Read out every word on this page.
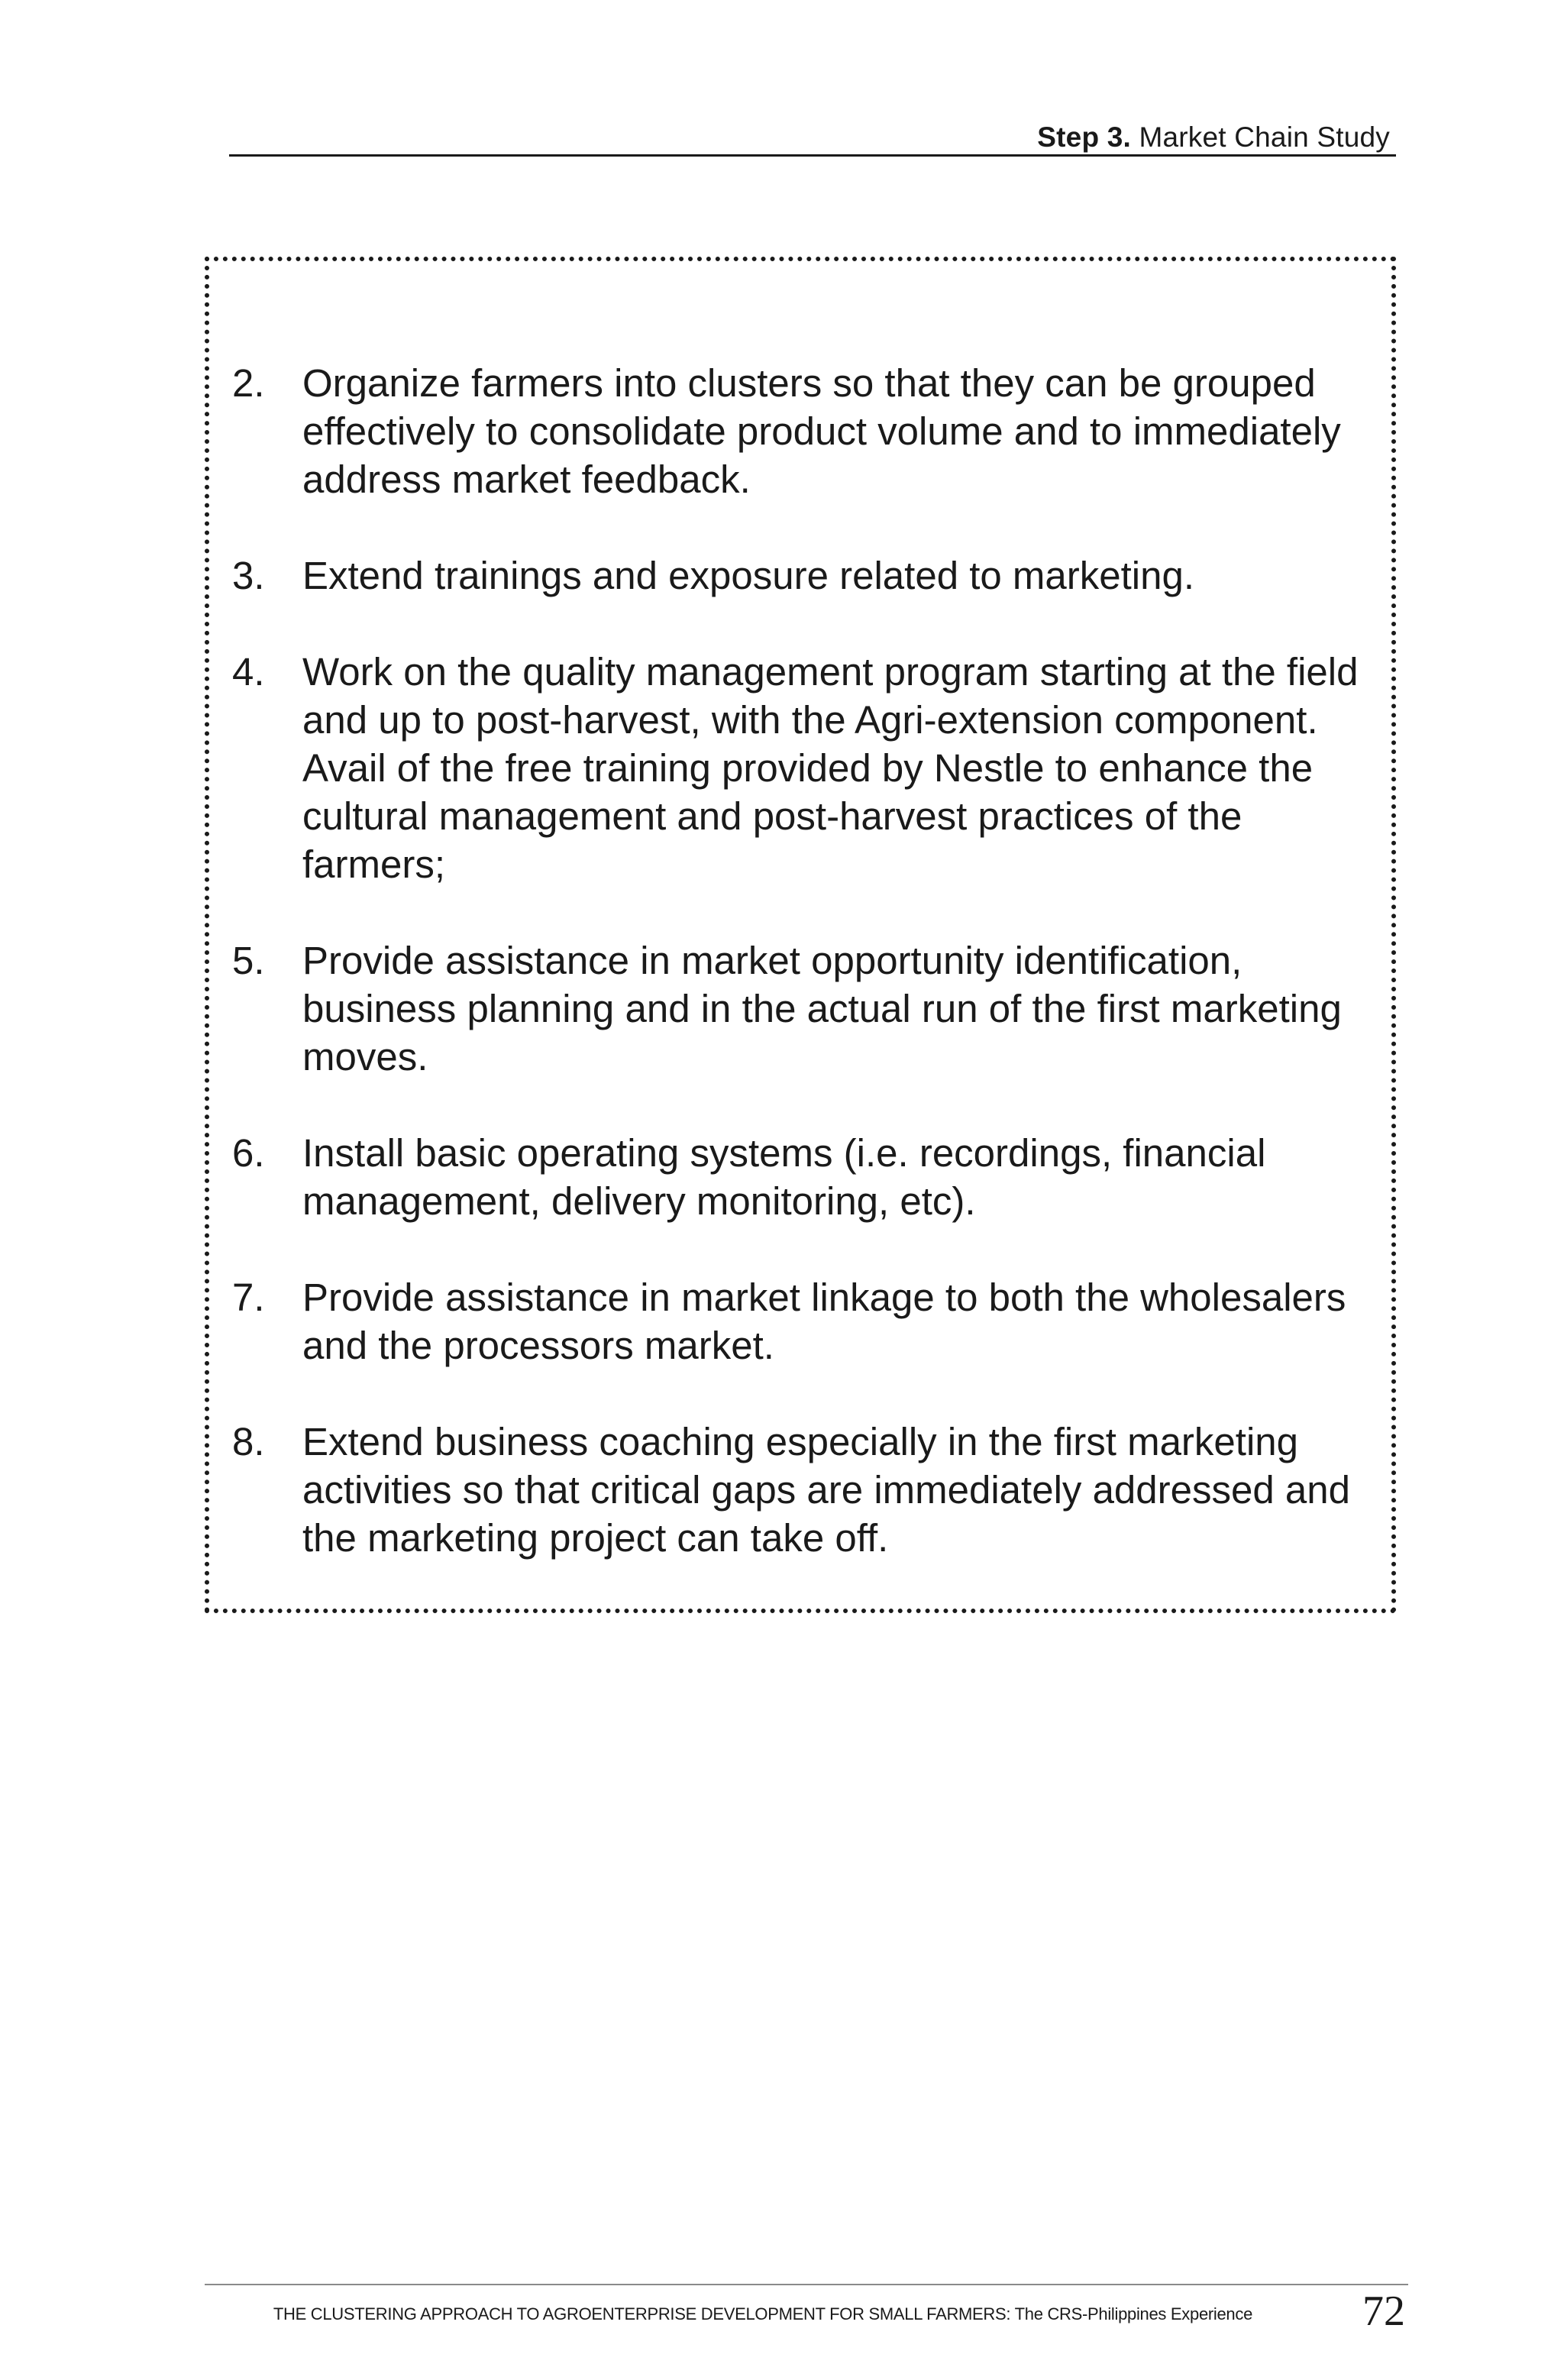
Step 3. Market Chain Study
2. Organize farmers into clusters so that they can be grouped effectively to consolidate product volume and to immediately address market feedback.
3. Extend trainings and exposure related to marketing.
4. Work on the quality management program starting at the field and up to post-harvest, with the Agri-extension component. Avail of the free training provided by Nestle to enhance the cultural management and post-harvest practices of the farmers;
5. Provide assistance in market opportunity identification, business planning and in the actual run of the first marketing moves.
6. Install basic operating systems (i.e. recordings, financial management, delivery monitoring, etc).
7. Provide assistance in market linkage to both the wholesalers and the processors market.
8. Extend business coaching especially in the first marketing activities so that critical gaps are immediately addressed and the marketing project can take off.
THE CLUSTERING APPROACH TO AGROENTERPRISE DEVELOPMENT FOR SMALL FARMERS: The CRS-Philippines Experience	72
